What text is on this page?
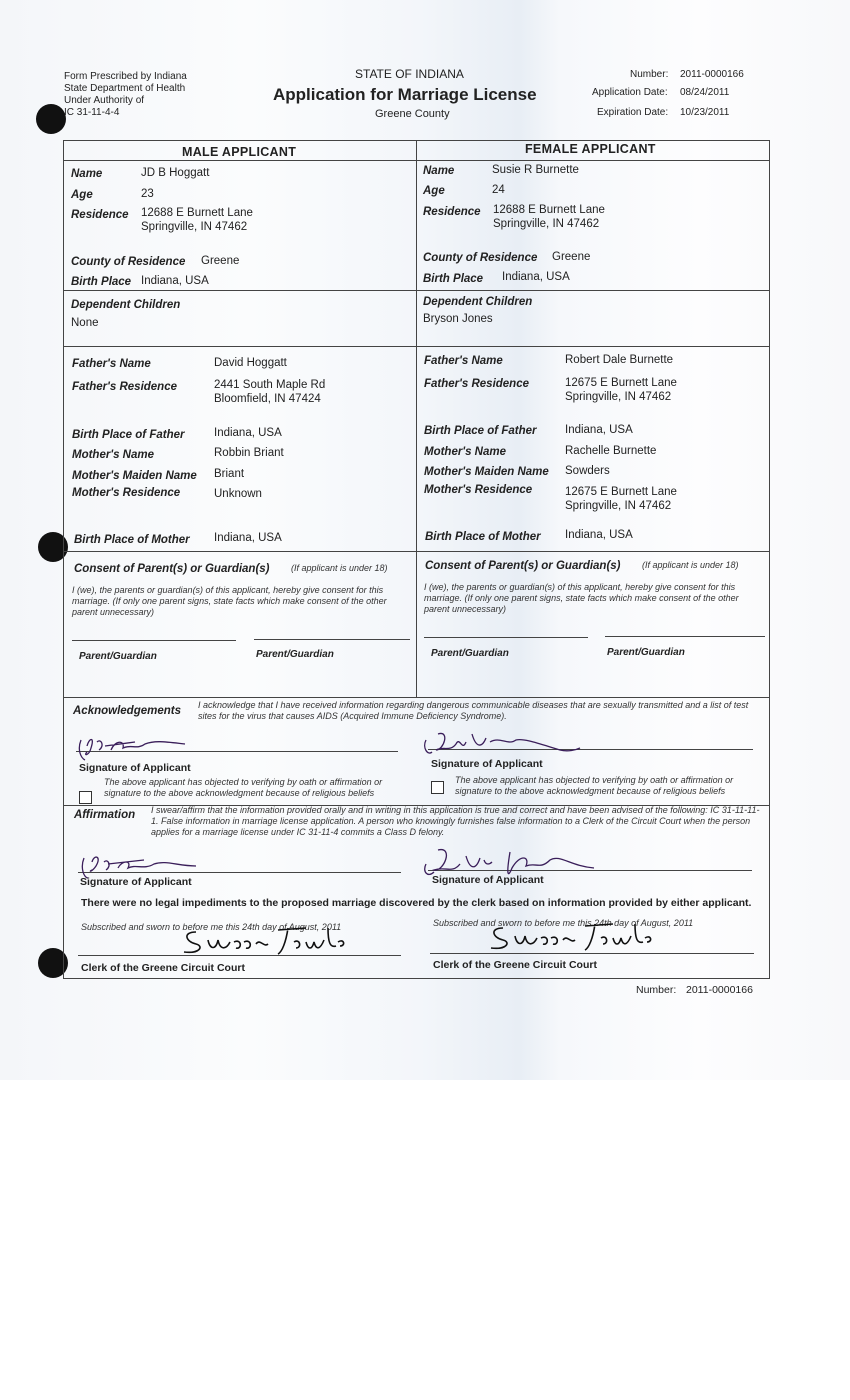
Form Prescribed by Indiana
State Department of Health
Under Authority of
IC 31-11-4-4
STATE OF INDIANA
Application for Marriage License
Greene County
Number: 2011-0000166
Application Date: 08/24/2011
Expiration Date: 10/23/2011
MALE APPLICANT	FEMALE APPLICANT
Name	JD B Hoggatt
Age	23
Residence 12688 E Burnett Lane
Springville, IN 47462
County of Residence Greene
Birth Place Indiana, USA
Dependent Children
None
Father's Name	David Hoggatt
Father's Residence	2441 South Maple Rd
Bloomfield, IN 47424
Birth Place of Father	Indiana, USA
Mother's Name	Robbin Briant
Mother's Maiden Name Briant
Mother's Residence	Unknown
Birth Place of Mother Indiana, USA
Name	Susie R Burnette
Age	24
Residence 12688 E Burnett Lane
Springville, IN 47462
County of Residence Greene
Birth Place Indiana, USA
Dependent Children
Bryson Jones
Father's Name	Robert Dale Burnette
Father's Residence	12675 E Burnett Lane
Springville, IN 47462
Birth Place of Father Indiana, USA
Mother's Name	Rachelle Burnette
Mother's Maiden Name Sowders
Mother's Residence	12675 E Burnett Lane
Springville, IN 47462
Birth Place of Mother Indiana, USA
Consent of Parent(s) or Guardian(s) (If applicant is under 18)
I (we), the parents or guardian(s) of this applicant, hereby give consent for this marriage. (If only one parent signs, state facts which make consent of the other parent unnecessary)
Parent/Guardian	Parent/Guardian
Consent of Parent(s) or Guardian(s) (If applicant is under 18)
I (we), the parents or guardian(s) of this applicant, hereby give consent for this marriage. (If only one parent signs, state facts which make consent of the other parent unnecessary)
Parent/Guardian	Parent/Guardian
Acknowledgements I acknowledge that I have received information regarding dangerous communicable diseases that are sexually transmitted and a list of test sites for the virus that causes AIDS (Acquired Immune Deficiency Syndrome).
Signature of Applicant	Signature of Applicant
The above applicant has objected to verifying by oath or affirmation or signature to the above acknowledgment because of religious beliefs
The above applicant has objected to verifying by oath or affirmation or signature to the above acknowledgment because of religious beliefs
Affirmation I swear/affirm that the information provided orally and in writing in this application is true and correct and have been advised of the following: IC 31-11-11-1. False information in marriage license application. A person who knowingly furnishes false information to a Clerk of the Circuit Court when the person applies for a marriage license under IC 31-11-4 commits a Class D felony.
Signature of Applicant	Signature of Applicant
There were no legal impediments to the proposed marriage discovered by the clerk based on information provided by either applicant.
Subscribed and sworn to before me this 24th day of August, 2011	Subscribed and sworn to before me this 24th day of August, 2011
Clerk of the Greene Circuit Court	Clerk of the Greene Circuit Court
Number: 2011-0000166
